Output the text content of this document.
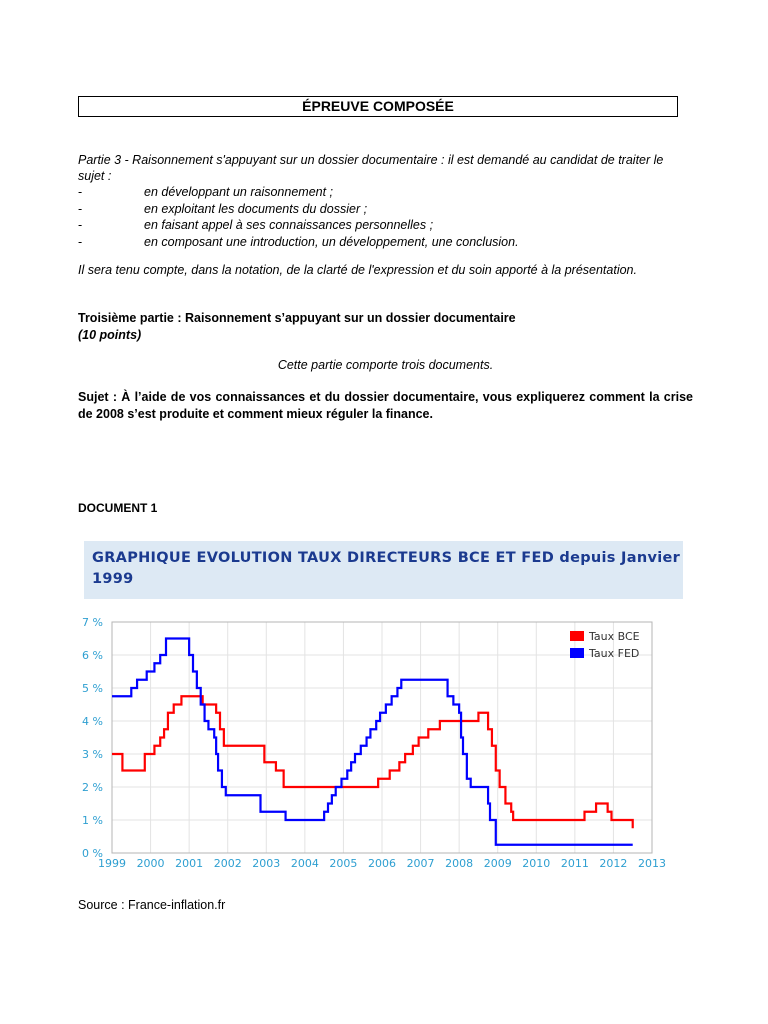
ÉPREUVE COMPOSÉE
Partie 3 - Raisonnement s'appuyant sur un dossier documentaire : il est demandé au candidat de traiter le sujet :
-	en développant un raisonnement ;
-	en exploitant les documents du dossier ;
-	en faisant appel à ses connaissances personnelles ;
-	en composant une introduction, un développement, une conclusion.
Il sera tenu compte, dans la notation, de la clarté de l'expression et du soin apporté à la présentation.
Troisième partie : Raisonnement s’appuyant sur un dossier documentaire
(10 points)
Cette partie comporte trois documents.
Sujet : À l’aide de vos connaissances et du dossier documentaire, vous expliquerez comment la crise de 2008 s’est produite et comment mieux réguler la finance.
DOCUMENT 1
GRAPHIQUE EVOLUTION TAUX DIRECTEURS BCE ET FED depuis Janvier 1999
0 %
1 %
2 %
3 %
4 %
5 %
6 %
7 %
1999 2000 2001 2002 2003 2004 2005 2006 2007 2008 2009 2010 2011 2012 2013
Taux BCE
Taux FED
Source : France-inflation.fr
